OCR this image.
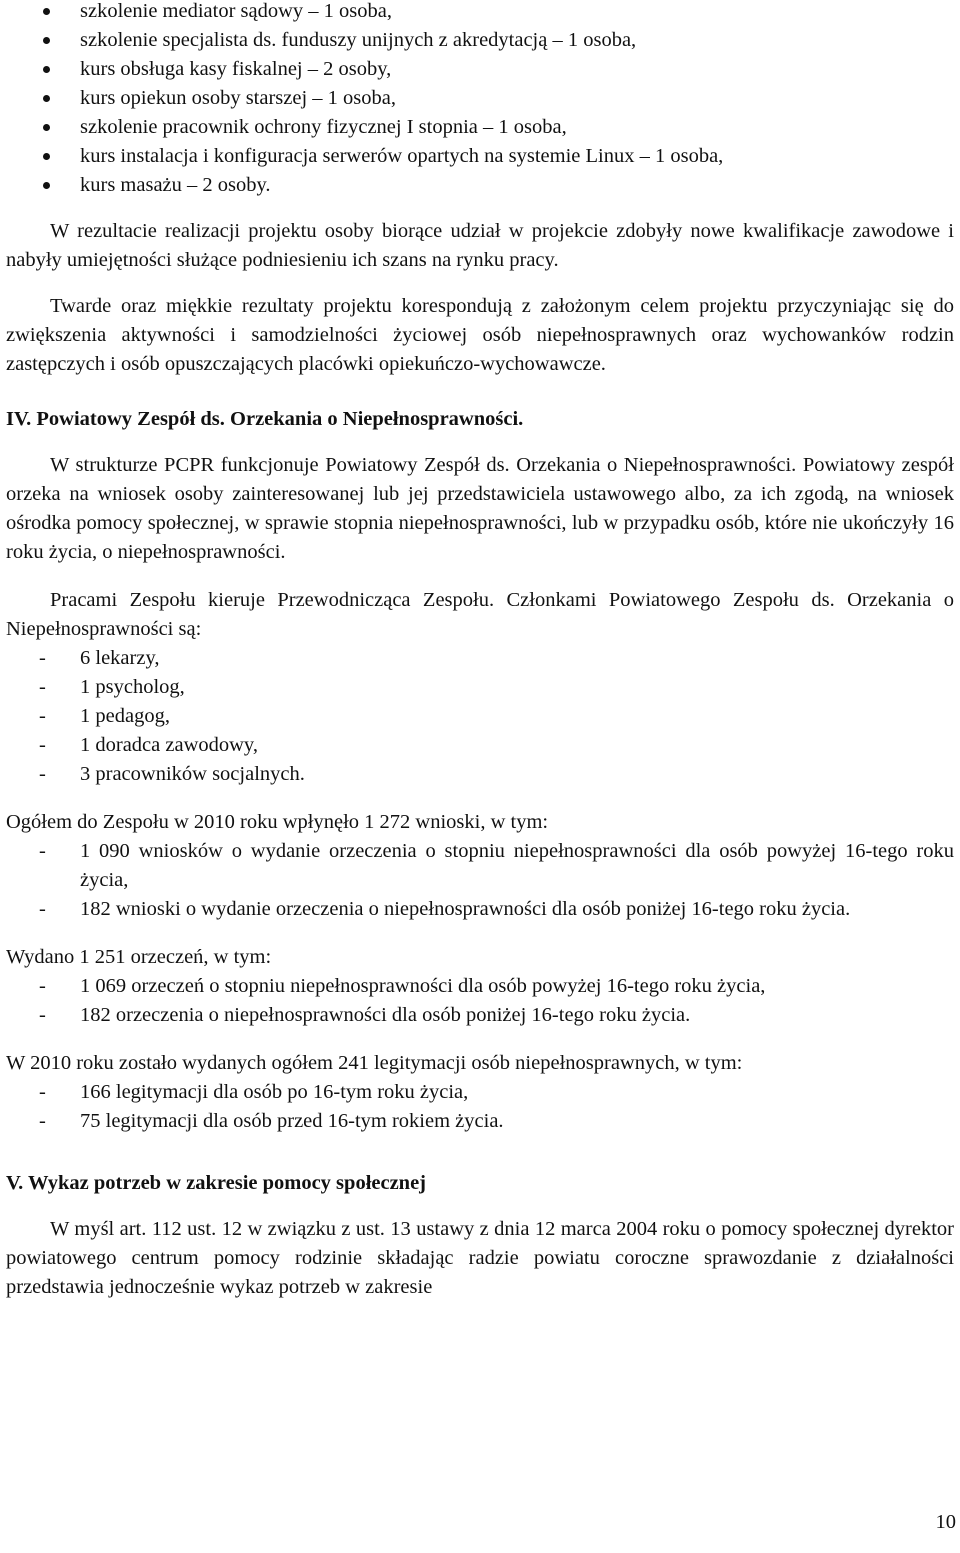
szkolenie mediator sądowy – 1 osoba,
szkolenie specjalista ds. funduszy unijnych z akredytacją – 1 osoba,
kurs obsługa kasy fiskalnej – 2 osoby,
kurs opiekun osoby starszej – 1 osoba,
szkolenie pracownik ochrony fizycznej I stopnia – 1 osoba,
kurs instalacja i konfiguracja serwerów opartych na systemie Linux – 1 osoba,
kurs masażu – 2 osoby.

W rezultacie realizacji projektu osoby biorące udział w projekcie zdobyły nowe kwalifikacje zawodowe i nabyły umiejętności służące podniesieniu ich szans na rynku pracy.

Twarde oraz miękkie rezultaty projektu korespondują z założonym celem projektu przyczyniając się do zwiększenia aktywności i samodzielności życiowej osób niepełnosprawnych oraz wychowanków rodzin zastępczych i osób opuszczających placówki opiekuńczo-wychowawcze.

IV. Powiatowy Zespół ds. Orzekania o Niepełnosprawności.

W strukturze PCPR funkcjonuje Powiatowy Zespół ds. Orzekania o Niepełnosprawności. Powiatowy zespół orzeka na wniosek osoby zainteresowanej lub jej przedstawiciela ustawowego albo, za ich zgodą, na wniosek ośrodka pomocy społecznej, w sprawie stopnia niepełnosprawności, lub w przypadku osób, które nie ukończyły 16 roku życia, o niepełnosprawności.

Pracami Zespołu kieruje Przewodnicząca Zespołu. Członkami Powiatowego Zespołu ds. Orzekania o Niepełnosprawności są:

- 6 lekarzy,
- 1 psycholog,
- 1 pedagog,
- 1 doradca zawodowy,
- 3 pracowników socjalnych.

Ogółem do Zespołu w 2010 roku wpłynęło 1 272 wnioski, w tym:

- 1 090 wniosków o wydanie orzeczenia o stopniu niepełnosprawności dla osób powyżej 16-tego roku życia,
- 182 wnioski o wydanie orzeczenia o niepełnosprawności dla osób poniżej 16-tego roku życia.

Wydano 1 251 orzeczeń, w tym:

- 1 069 orzeczeń o stopniu niepełnosprawności dla osób powyżej 16-tego roku życia,
- 182 orzeczenia o niepełnosprawności dla osób poniżej 16-tego roku życia.

W 2010 roku zostało wydanych ogółem 241 legitymacji osób niepełnosprawnych, w tym:

- 166 legitymacji dla osób po 16-tym roku życia,
- 75 legitymacji dla osób przed 16-tym rokiem życia.

V. Wykaz potrzeb w zakresie pomocy społecznej

W myśl art. 112 ust. 12 w związku z ust. 13 ustawy z dnia 12 marca 2004 roku o pomocy społecznej dyrektor powiatowego centrum pomocy rodzinie składając radzie powiatu coroczne sprawozdanie z działalności przedstawia jednocześnie wykaz potrzeb w zakresie

10
